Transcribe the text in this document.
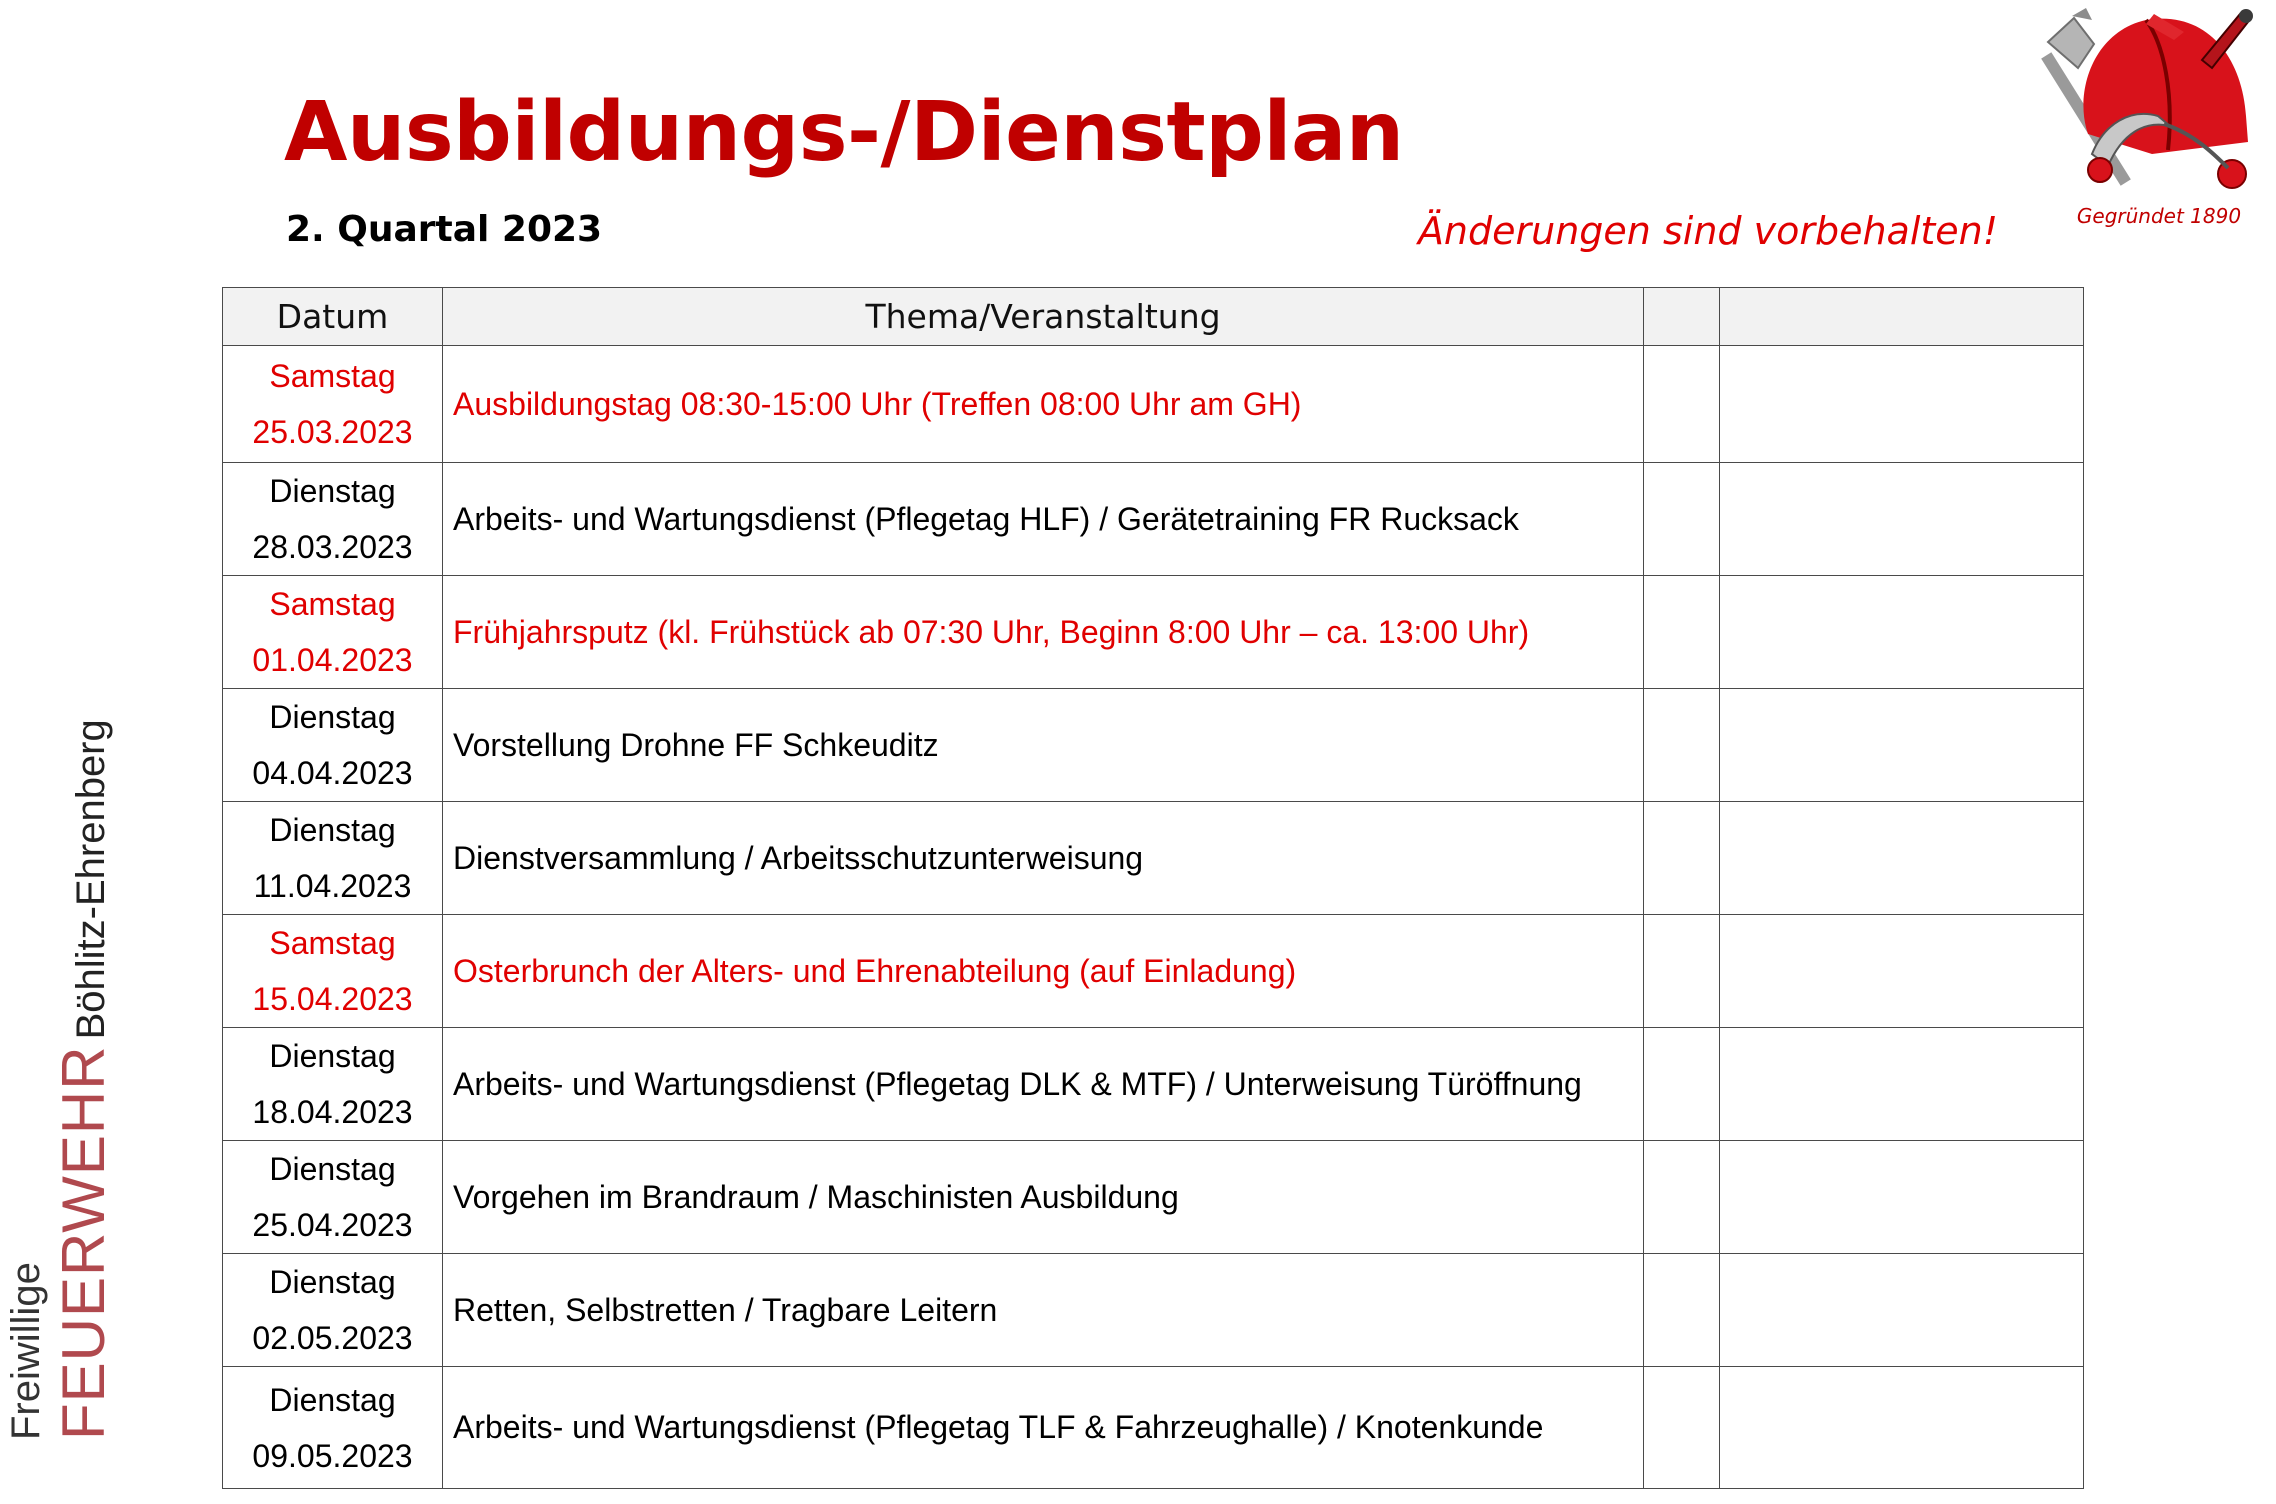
Ausbildungs-/Dienstplan
2. Quartal 2023	Änderungen sind vorbehalten!	Gegründet 1890
Freiwillige FEUERWEHRBöhlitz-Ehrenberg
Datum	Thema/Veranstaltung		

Samstag
25.03.2023	Ausbildungstag 08:30-15:00 Uhr (Treffen 08:00 Uhr am GH)		

Dienstag
28.03.2023	Arbeits- und Wartungsdienst (Pflegetag HLF) / Gerätetraining FR Rucksack		

Samstag
01.04.2023	Frühjahrsputz (kl. Frühstück ab 07:30 Uhr, Beginn 8:00 Uhr – ca. 13:00 Uhr)		

Dienstag
04.04.2023	Vorstellung Drohne FF Schkeuditz		

Dienstag
11.04.2023	Dienstversammlung / Arbeitsschutzunterweisung		

Samstag
15.04.2023	Osterbrunch der Alters- und Ehrenabteilung (auf Einladung)		

Dienstag
18.04.2023	Arbeits- und Wartungsdienst (Pflegetag DLK & MTF) / Unterweisung Türöffnung		

Dienstag
25.04.2023	Vorgehen im Brandraum / Maschinisten Ausbildung		

Dienstag
02.05.2023	Retten, Selbstretten / Tragbare Leitern		

Dienstag
09.05.2023	Arbeits- und Wartungsdienst (Pflegetag TLF & Fahrzeughalle) / Knotenkunde		
